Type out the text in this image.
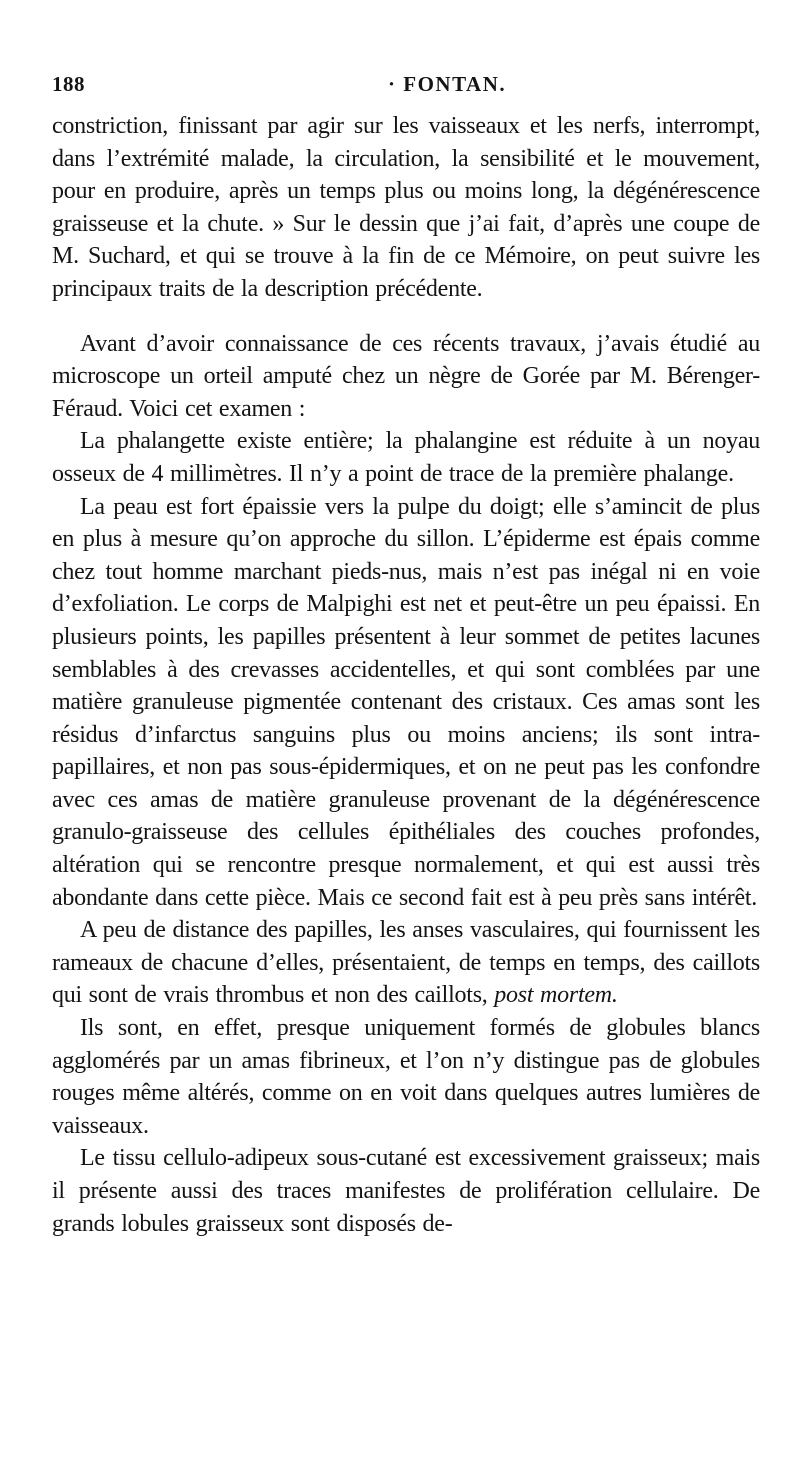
188	· FONTAN.

constriction, finissant par agir sur les vaisseaux et les nerfs, interrompt, dans l’extrémité malade, la circulation, la sensibilité et le mouvement, pour en produire, après un temps plus ou moins long, la dégénérescence graisseuse et la chute. » Sur le dessin que j’ai fait, d’après une coupe de M. Suchard, et qui se trouve à la fin de ce Mémoire, on peut suivre les principaux traits de la description précédente.

Avant d’avoir connaissance de ces récents travaux, j’avais étudié au microscope un orteil amputé chez un nègre de Gorée par M. Bérenger-Féraud. Voici cet examen :

La phalangette existe entière; la phalangine est réduite à un noyau osseux de 4 millimètres. Il n’y a point de trace de la première phalange.

La peau est fort épaissie vers la pulpe du doigt; elle s’amincit de plus en plus à mesure qu’on approche du sillon. L’épiderme est épais comme chez tout homme marchant pieds-nus, mais n’est pas inégal ni en voie d’exfoliation. Le corps de Malpighi est net et peut-être un peu épaissi. En plusieurs points, les papilles présentent à leur sommet de petites lacunes semblables à des crevasses accidentelles, et qui sont comblées par une matière granuleuse pigmentée contenant des cristaux. Ces amas sont les résidus d’infarctus sanguins plus ou moins anciens; ils sont intra-papillaires, et non pas sous-épidermiques, et on ne peut pas les confondre avec ces amas de matière granuleuse provenant de la dégénérescence granulo-graisseuse des cellules épithéliales des couches profondes, altération qui se rencontre presque normalement, et qui est aussi très abondante dans cette pièce. Mais ce second fait est à peu près sans intérêt.

A peu de distance des papilles, les anses vasculaires, qui fournissent les rameaux de chacune d’elles, présentaient, de temps en temps, des caillots qui sont de vrais thrombus et non des caillots, post mortem.

Ils sont, en effet, presque uniquement formés de globules blancs agglomérés par un amas fibrineux, et l’on n’y distingue pas de globules rouges même altérés, comme on en voit dans quelques autres lumières de vaisseaux.

Le tissu cellulo-adipeux sous-cutané est excessivement graisseux; mais il présente aussi des traces manifestes de prolifération cellulaire. De grands lobules graisseux sont disposés de-
